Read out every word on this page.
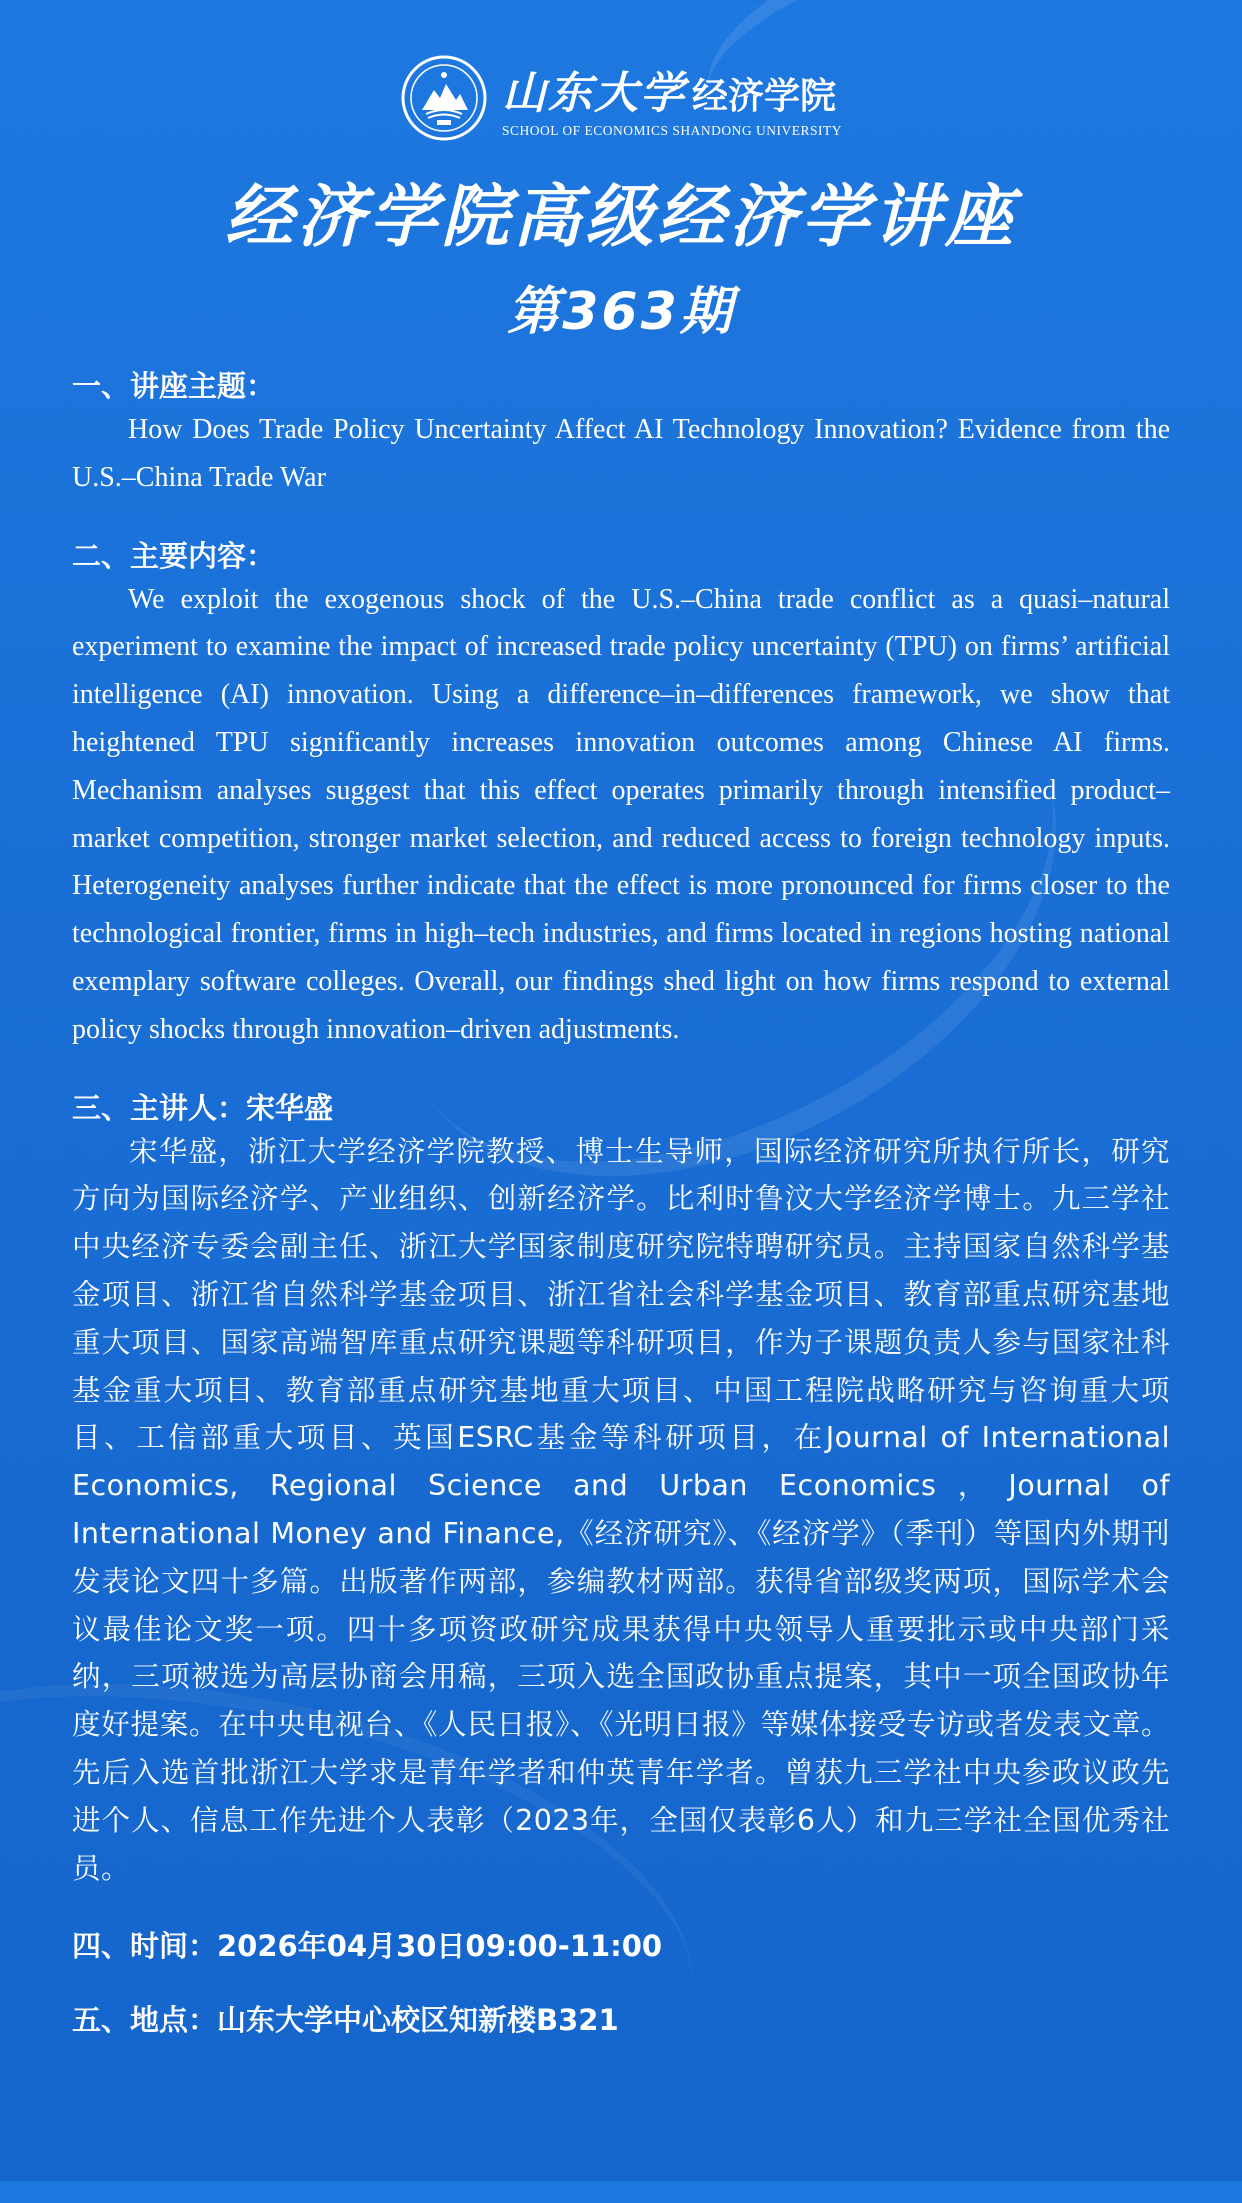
山东大学 经济学院
SCHOOL OF ECONOMICS SHANDONG UNIVERSITY
经济学院高级经济学讲座
第363期

一、讲座主题：

How Does Trade Policy Uncertainty Affect AI Technology Innovation? Evidence from the U.S.–China Trade War

二、主要内容：

We exploit the exogenous shock of the U.S.–China trade conflict as a quasi–natural experiment to examine the impact of increased trade policy uncertainty (TPU) on firms’ artificial intelligence (AI) innovation. Using a difference–in–differences framework, we show that heightened TPU significantly increases innovation outcomes among Chinese AI firms. Mechanism analyses suggest that this effect operates primarily through intensified product–market competition, stronger market selection, and reduced access to foreign technology inputs. Heterogeneity analyses further indicate that the effect is more pronounced for firms closer to the technological frontier, firms in high–tech industries, and firms located in regions hosting national exemplary software colleges. Overall, our findings shed light on how firms respond to external policy shocks through innovation–driven adjustments.

三、主讲人：宋华盛

宋华盛，浙江大学经济学院教授、博士生导师，国际经济研究所执行所长，研究方向为国际经济学、产业组织、创新经济学。比利时鲁汶大学经济学博士。九三学社中央经济专委会副主任、浙江大学国家制度研究院特聘研究员。主持国家自然科学基金项目、浙江省自然科学基金项目、浙江省社会科学基金项目、教育部重点研究基地重大项目、国家高端智库重点研究课题等科研项目，作为子课题负责人参与国家社科基金重大项目、教育部重点研究基地重大项目、中国工程院战略研究与咨询重大项目、工信部重大项目、英国ESRC基金等科研项目，在Journal of International Economics, Regional Science and Urban Economics，Journal of International Money and Finance,《经济研究》、《经济学》（季刊）等国内外期刊发表论文四十多篇。出版著作两部，参编教材两部。获得省部级奖两项，国际学术会议最佳论文奖一项。四十多项资政研究成果获得中央领导人重要批示或中央部门采纳，三项被选为高层协商会用稿，三项入选全国政协重点提案，其中一项全国政协年度好提案。在中央电视台、《人民日报》、《光明日报》等媒体接受专访或者发表文章。先后入选首批浙江大学求是青年学者和仲英青年学者。曾获九三学社中央参政议政先进个人、信息工作先进个人表彰（2023年，全国仅表彰6人）和九三学社全国优秀社员。

四、时间：2026年04月30日09:00-11:00

五、地点：山东大学中心校区知新楼B321
